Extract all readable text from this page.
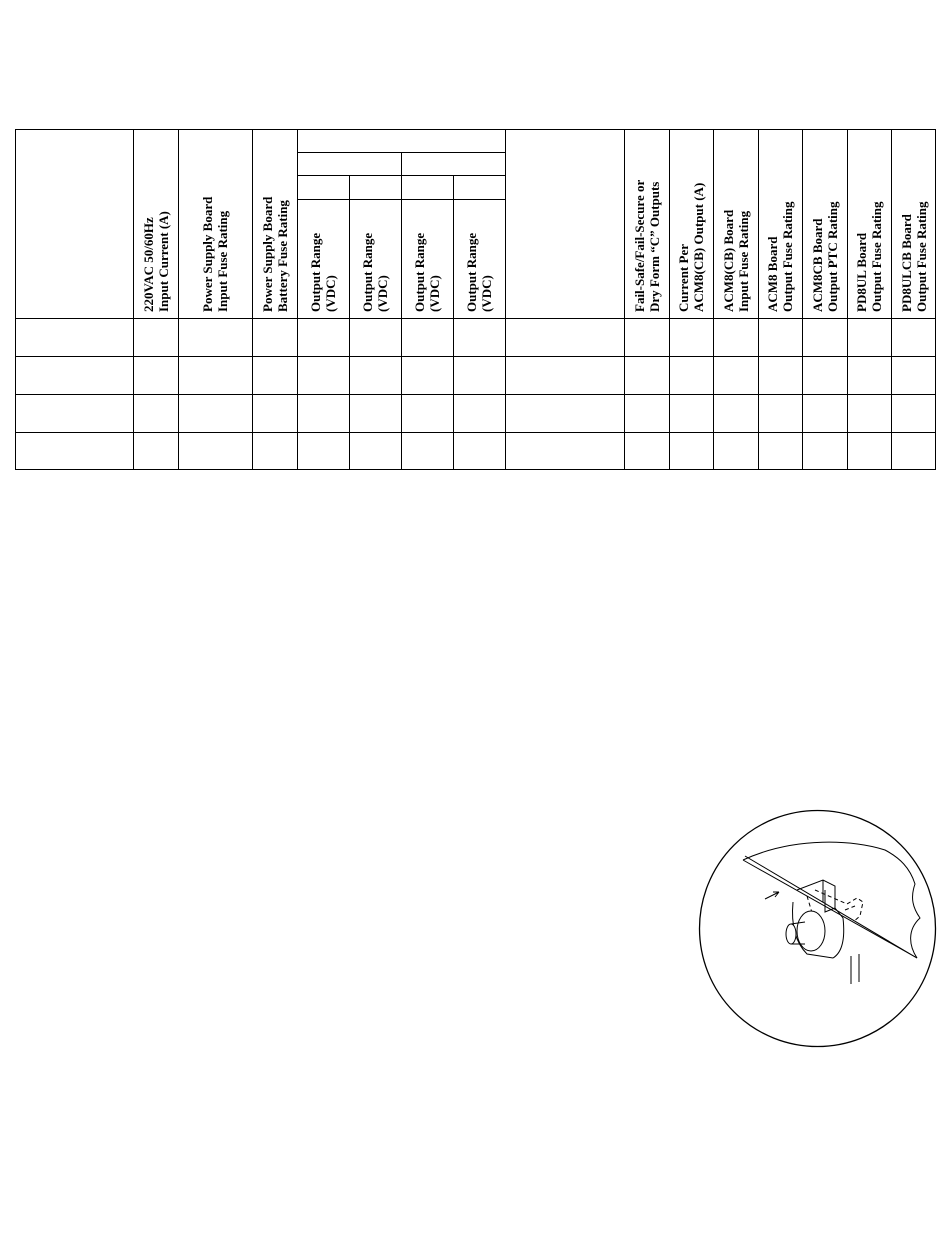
220VAC 50/60Hz Input Current (A) Power Supply Board Input Fuse Rating Power Supply Board Battery Fuse Rating Output Range (VDC) Output Range (VDC) Output Range (VDC) Output Range (VDC)	Fail-Safe/Fail-Secure or Dry Form “C” Outputs Current Per ACM8(CB) Output (A) ACM8(CB) Board Input Fuse Rating ACM8 Board Output Fuse Rating ACM8CB Board Output PTC Rating PD8UL Board Output Fuse Rating PD8ULCB Board Output Fuse Rating
